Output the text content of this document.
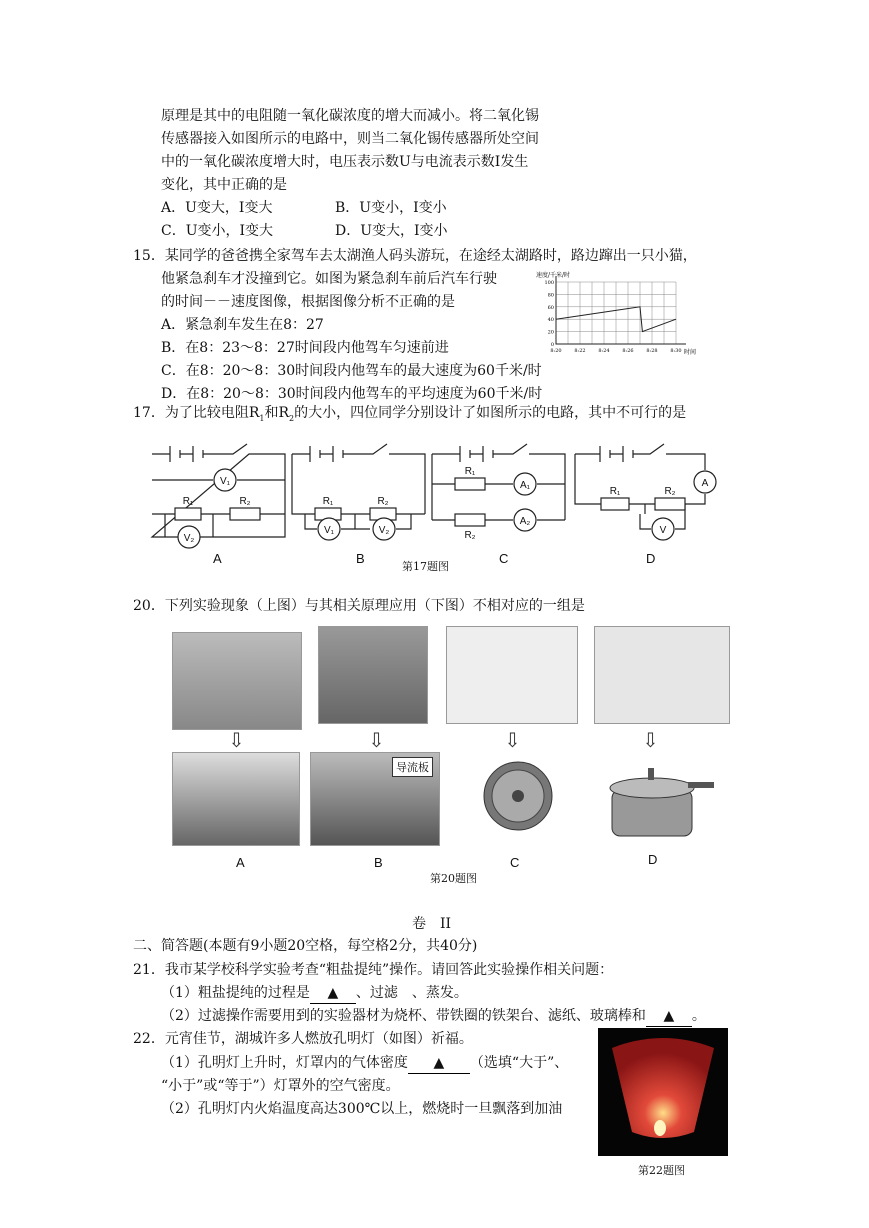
原理是其中的电阻随一氧化碳浓度的增大而减小。将二氧化锡
传感器接入如图所示的电路中，则当二氧化锡传感器所处空间
中的一氧化碳浓度增大时，电压表示数U与电流表示数I发生
变化，其中正确的是
A．U变大，I变大	B．U变小，I变小
C．U变小，I变大	D．U变大，I变小
15．某同学的爸爸携全家驾车去太湖渔人码头游玩，在途经太湖路时，路边蹿出一只小猫，
他紧急刹车才没撞到它。如图为紧急刹车前后汽车行驶
的时间－－速度图像，根据图像分析不正确的是
A．紧急刹车发生在8：27
B．在8：23～8：27时间段内他驾车匀速前进
C．在8：20～8：30时间段内他驾车的最大速度为60千米/时
D．在8：20～8：30时间段内他驾车的平均速度为60千米/时
100
80
60
40
20
0
8:20	8:22	8:24	8:26	8:28	8:30
速度/千米/时
时间
17．为了比较电阻$R_1$和$R_2$的大小，四位同学分别设计了如图所示的电路，其中不可行的是
V₁
V₂
V₁	V₂
A₁
A₂
A
V
R₁	R₂	R₁	R₂
R₁
R₂
R₁	R₂
A	B	C	D
第17题图
20．下列实验现象（上图）与其相关原理应用（下图）不相对应的一组是
⇩	⇩	⇩	⇩
导流板
A	B	C	D
第20题图
卷　II
二、简答题(本题有9小题20空格，每空格2分，共40分)
21．我市某学校科学实验考查“粗盐提纯”操作。请回答此实验操作相关问题：
（1）粗盐提纯的过程是 ▲ 、过滤　、蒸发。
（2）过滤操作需要用到的实验器材为烧杯、带铁圈的铁架台、滤纸、玻璃棒和 ▲ 。
22．元宵佳节，湖城许多人燃放孔明灯（如图）祈福。
（1）孔明灯上升时，灯罩内的气体密度 ▲ （选填“大于”、
“小于”或“等于”）灯罩外的空气密度。
（2）孔明灯内火焰温度高达300℃以上，燃烧时一旦飘落到加油
第22题图
